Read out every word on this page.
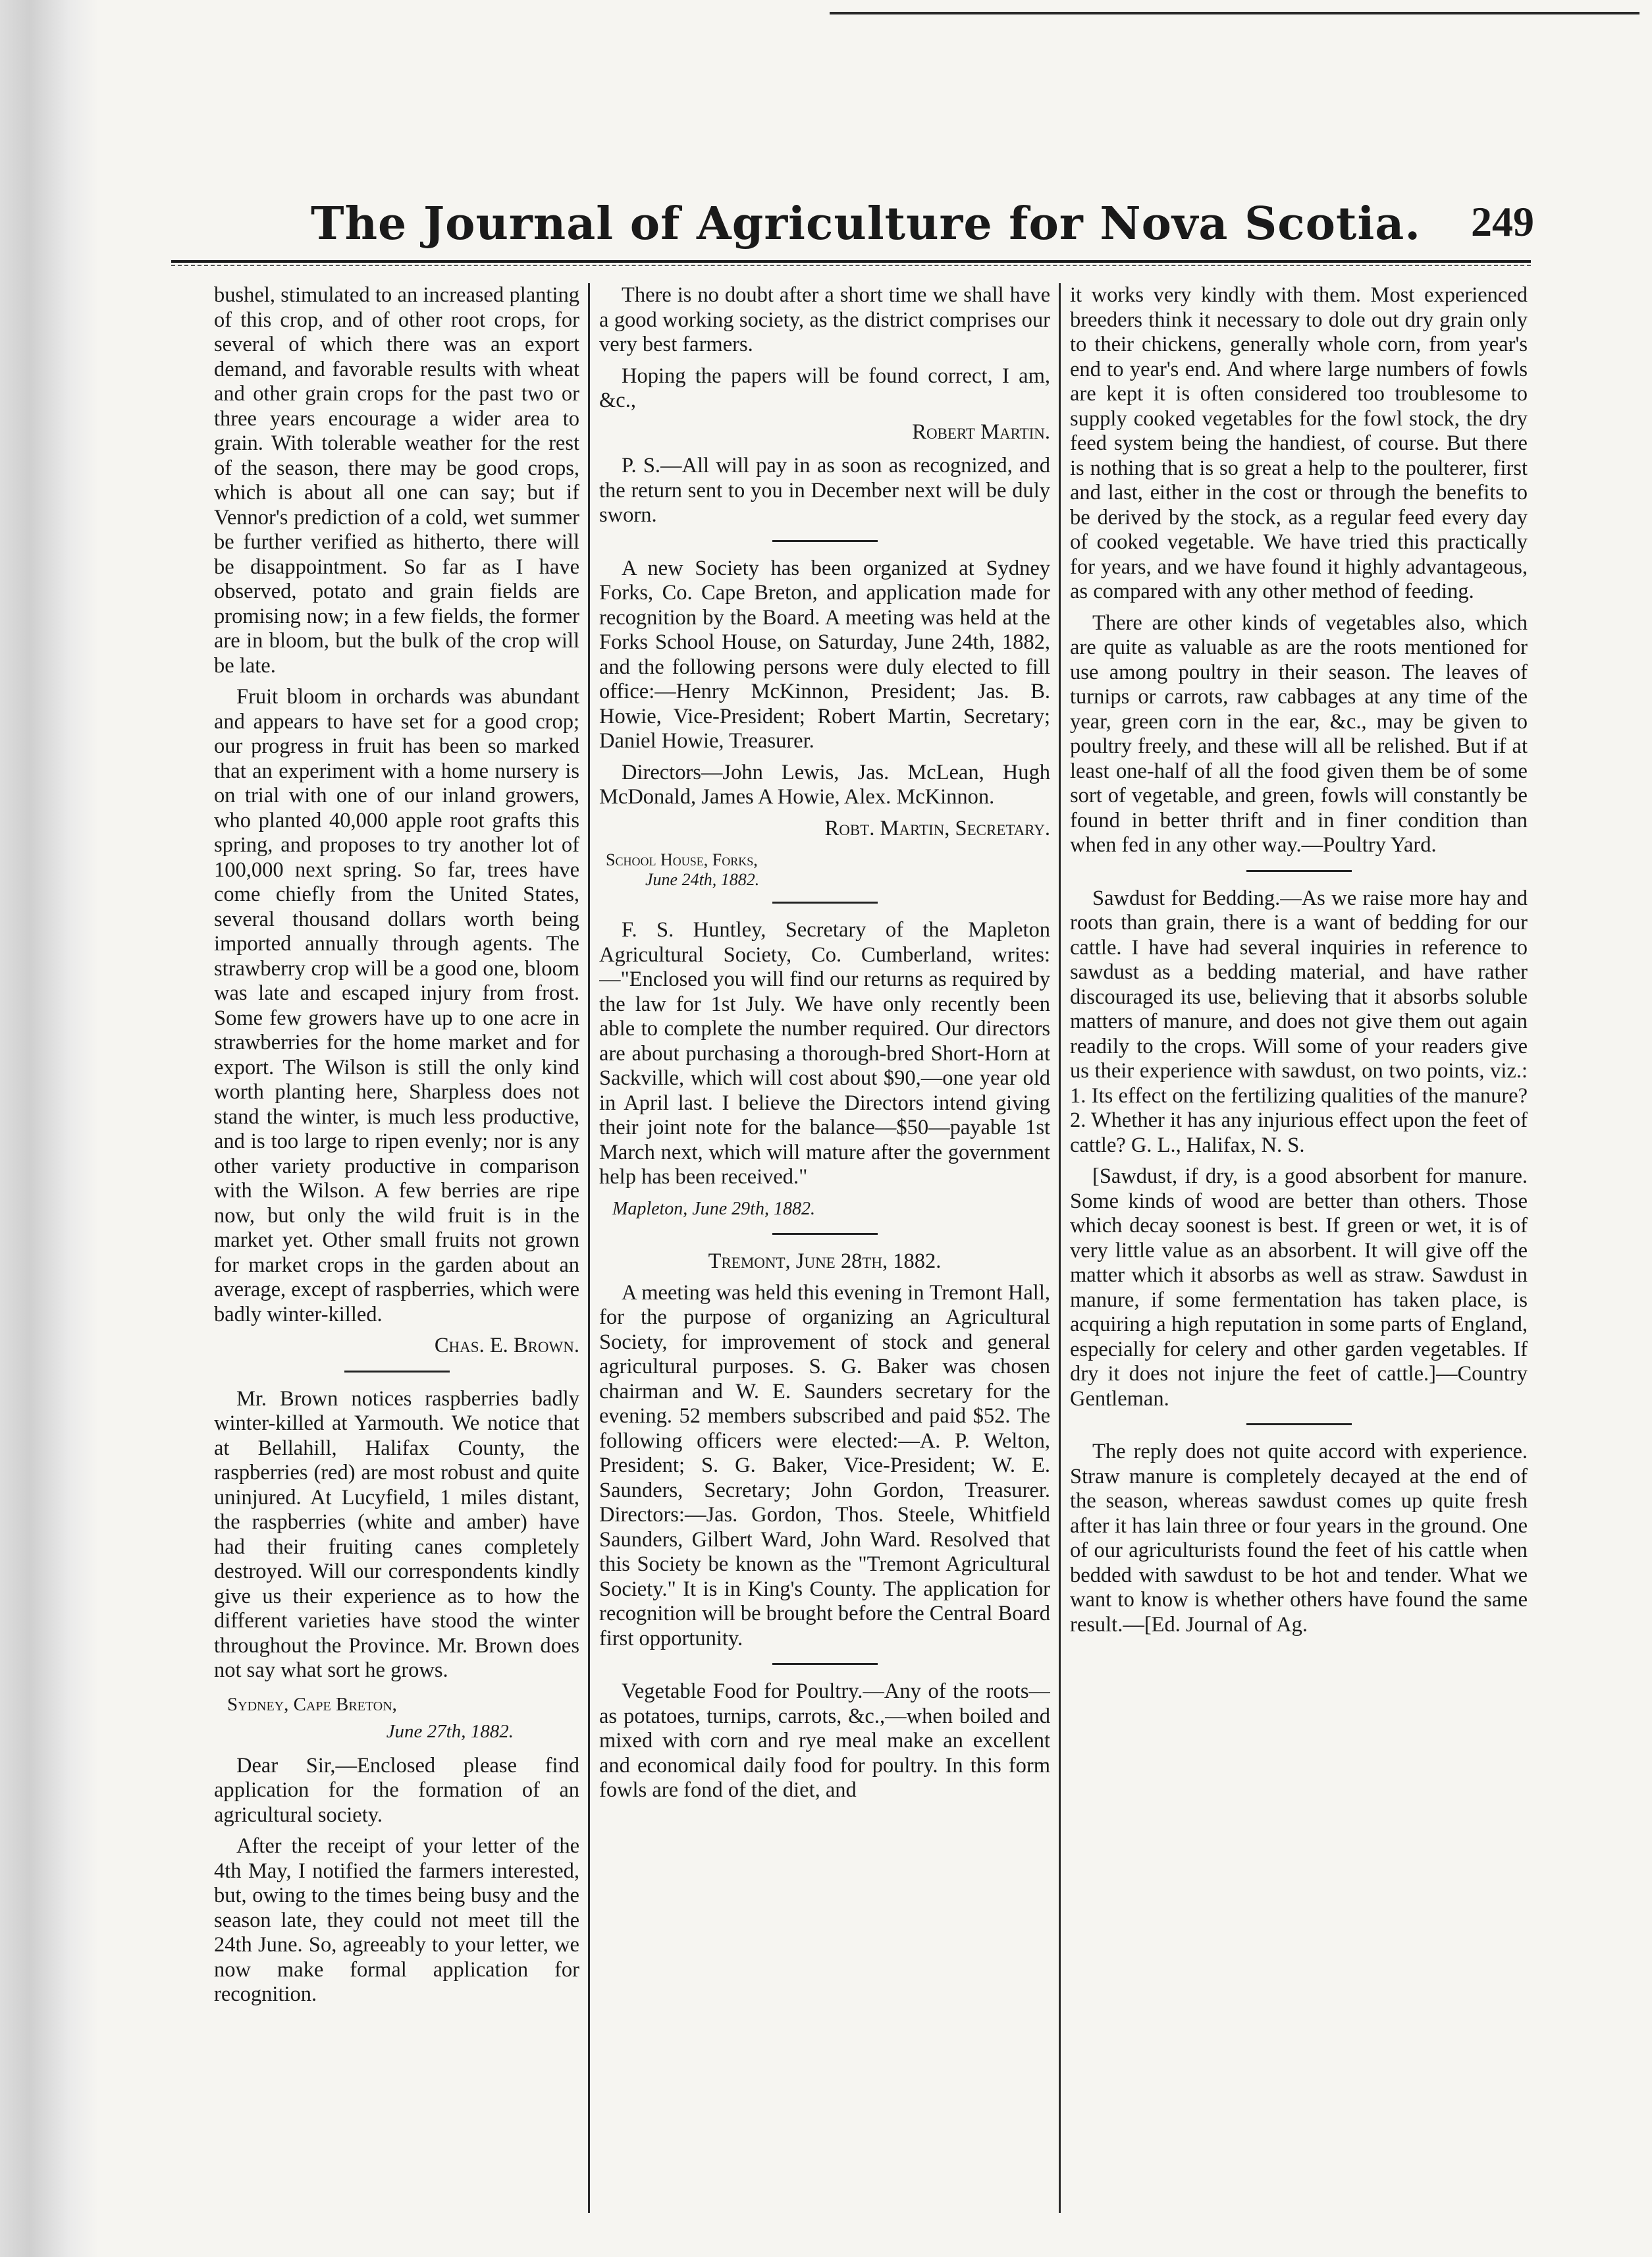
The Journal of Agriculture for Nova Scotia.	249

bushel, stimulated to an increased planting of this crop, and of other root crops, for several of which there was an export demand, and favorable results with wheat and other grain crops for the past two or three years encourage a wider area to grain. With tolerable weather for the rest of the season, there may be good crops, which is about all one can say; but if Vennor's prediction of a cold, wet summer be further verified as hitherto, there will be disappointment. So far as I have observed, potato and grain fields are promising now; in a few fields, the former are in bloom, but the bulk of the crop will be late.

Fruit bloom in orchards was abundant and appears to have set for a good crop; our progress in fruit has been so marked that an experiment with a home nursery is on trial with one of our inland growers, who planted 40,000 apple root grafts this spring, and proposes to try another lot of 100,000 next spring. So far, trees have come chiefly from the United States, several thousand dollars worth being imported annually through agents. The strawberry crop will be a good one, bloom was late and escaped injury from frost. Some few growers have up to one acre in strawberries for the home market and for export. The Wilson is still the only kind worth planting here, Sharpless does not stand the winter, is much less productive, and is too large to ripen evenly; nor is any other variety productive in comparison with the Wilson. A few berries are ripe now, but only the wild fruit is in the market yet. Other small fruits not grown for market crops in the garden about an average, except of raspberries, which were badly winter-killed.

Chas. E. Brown.

Mr. Brown notices raspberries badly winter-killed at Yarmouth. We notice that at Bellahill, Halifax County, the raspberries (red) are most robust and quite uninjured. At Lucyfield, 1 miles distant, the raspberries (white and amber) have had their fruiting canes completely destroyed. Will our correspondents kindly give us their experience as to how the different varieties have stood the winter throughout the Province. Mr. Brown does not say what sort he grows.

Sydney, Cape Breton,

June 27th, 1882.

Dear Sir,—Enclosed please find application for the formation of an agricultural society.

After the receipt of your letter of the 4th May, I notified the farmers interested, but, owing to the times being busy and the season late, they could not meet till the 24th June. So, agreeably to your letter, we now make formal application for recognition.

There is no doubt after a short time we shall have a good working society, as the district comprises our very best farmers.

Hoping the papers will be found correct, I am, &c.,

Robert Martin.

P. S.—All will pay in as soon as recognized, and the return sent to you in December next will be duly sworn.

A new Society has been organized at Sydney Forks, Co. Cape Breton, and application made for recognition by the Board. A meeting was held at the Forks School House, on Saturday, June 24th, 1882, and the following persons were duly elected to fill office:—Henry McKinnon, President; Jas. B. Howie, Vice-President; Robert Martin, Secretary; Daniel Howie, Treasurer.

Directors—John Lewis, Jas. McLean, Hugh McDonald, James A Howie, Alex. McKinnon.

Robt. Martin, Secretary.

School House, Forks,
June 24th, 1882.

F. S. Huntley, Secretary of the Mapleton Agricultural Society, Co. Cumberland, writes:—"Enclosed you will find our returns as required by the law for 1st July. We have only recently been able to complete the number required. Our directors are about purchasing a thorough-bred Short-Horn at Sackville, which will cost about $90,—one year old in April last. I believe the Directors intend giving their joint note for the balance—$50—payable 1st March next, which will mature after the government help has been received."

Mapleton, June 29th, 1882.

Tremont, June 28th, 1882.

A meeting was held this evening in Tremont Hall, for the purpose of organizing an Agricultural Society, for improvement of stock and general agricultural purposes. S. G. Baker was chosen chairman and W. E. Saunders secretary for the evening. 52 members subscribed and paid $52. The following officers were elected:—A. P. Welton, President; S. G. Baker, Vice-President; W. E. Saunders, Secretary; John Gordon, Treasurer. Directors:—Jas. Gordon, Thos. Steele, Whitfield Saunders, Gilbert Ward, John Ward. Resolved that this Society be known as the "Tremont Agricultural Society." It is in King's County. The application for recognition will be brought before the Central Board first opportunity.

Vegetable Food for Poultry.—Any of the roots—as potatoes, turnips, carrots, &c.,—when boiled and mixed with corn and rye meal make an excellent and economical daily food for poultry. In this form fowls are fond of the diet, and

it works very kindly with them. Most experienced breeders think it necessary to dole out dry grain only to their chickens, generally whole corn, from year's end to year's end. And where large numbers of fowls are kept it is often considered too troublesome to supply cooked vegetables for the fowl stock, the dry feed system being the handiest, of course. But there is nothing that is so great a help to the poulterer, first and last, either in the cost or through the benefits to be derived by the stock, as a regular feed every day of cooked vegetable. We have tried this practically for years, and we have found it highly advantageous, as compared with any other method of feeding.

There are other kinds of vegetables also, which are quite as valuable as are the roots mentioned for use among poultry in their season. The leaves of turnips or carrots, raw cabbages at any time of the year, green corn in the ear, &c., may be given to poultry freely, and these will all be relished. But if at least one-half of all the food given them be of some sort of vegetable, and green, fowls will constantly be found in better thrift and in finer condition than when fed in any other way.—Poultry Yard.

Sawdust for Bedding.—As we raise more hay and roots than grain, there is a want of bedding for our cattle. I have had several inquiries in reference to sawdust as a bedding material, and have rather discouraged its use, believing that it absorbs soluble matters of manure, and does not give them out again readily to the crops. Will some of your readers give us their experience with sawdust, on two points, viz.: 1. Its effect on the fertilizing qualities of the manure? 2. Whether it has any injurious effect upon the feet of cattle? G. L., Halifax, N. S.

[Sawdust, if dry, is a good absorbent for manure. Some kinds of wood are better than others. Those which decay soonest is best. If green or wet, it is of very little value as an absorbent. It will give off the matter which it absorbs as well as straw. Sawdust in manure, if some fermentation has taken place, is acquiring a high reputation in some parts of England, especially for celery and other garden vegetables. If dry it does not injure the feet of cattle.]—Country Gentleman.

The reply does not quite accord with experience. Straw manure is completely decayed at the end of the season, whereas sawdust comes up quite fresh after it has lain three or four years in the ground. One of our agriculturists found the feet of his cattle when bedded with sawdust to be hot and tender. What we want to know is whether others have found the same result.—[Ed. Journal of Ag.
